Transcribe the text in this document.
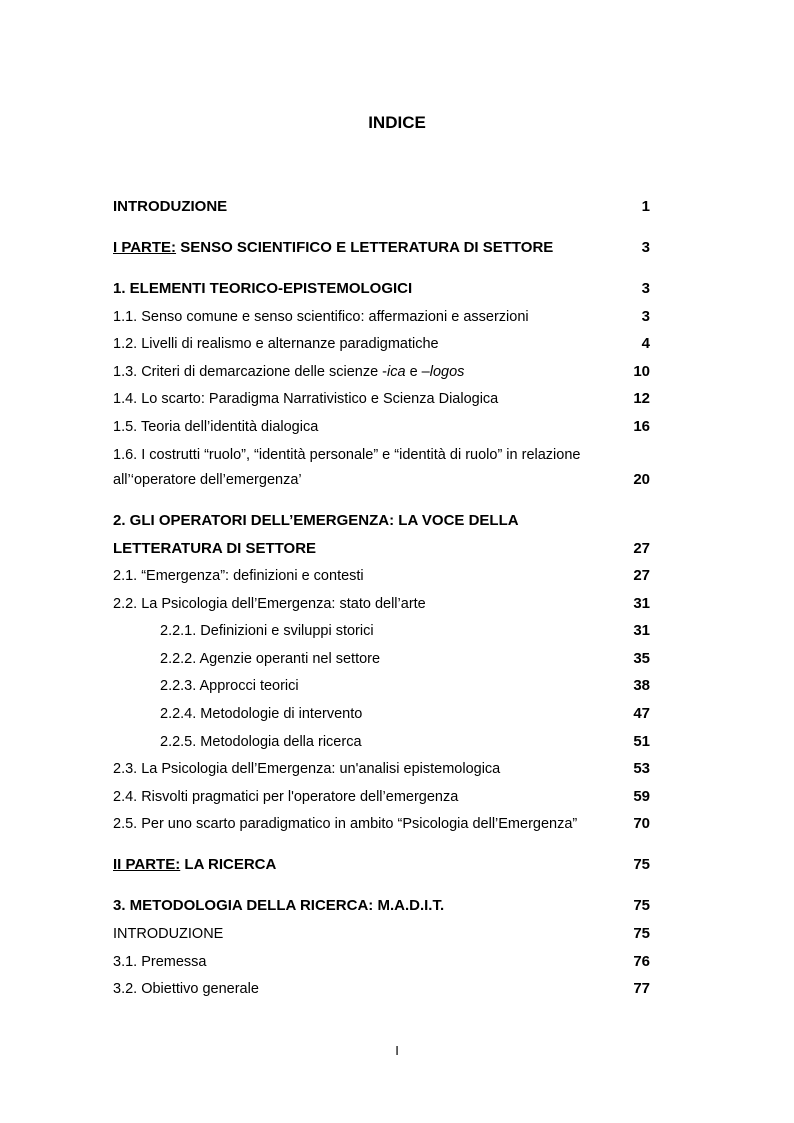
INDICE
INTRODUZIONE	1
I PARTE: SENSO SCIENTIFICO E LETTERATURA DI SETTORE	3
1. ELEMENTI TEORICO-EPISTEMOLOGICI	3
1.1. Senso comune e senso scientifico: affermazioni e asserzioni	3
1.2. Livelli di realismo e alternanze paradigmatiche	4
1.3. Criteri di demarcazione delle scienze -ica e –logos	10
1.4. Lo scarto: Paradigma Narrativistico e Scienza Dialogica	12
1.5. Teoria dell’identità dialogica	16
1.6. I costrutti “ruolo”, “identità personale” e “identità di ruolo” in relazione
all’‘operatore dell’emergenza’	20
2. GLI OPERATORI DELL’EMERGENZA: LA VOCE DELLA
LETTERATURA DI SETTORE	27
2.1. “Emergenza”: definizioni e contesti	27
2.2. La Psicologia dell’Emergenza: stato dell’arte	31
2.2.1. Definizioni e sviluppi storici	31
2.2.2. Agenzie operanti nel settore	35
2.2.3. Approcci teorici	38
2.2.4. Metodologie di intervento	47
2.2.5. Metodologia della ricerca	51
2.3. La Psicologia dell’Emergenza: un'analisi epistemologica	53
2.4. Risvolti pragmatici per l'operatore dell’emergenza	59
2.5. Per uno scarto paradigmatico in ambito “Psicologia dell’Emergenza”	70
II PARTE: LA RICERCA	75
3. METODOLOGIA DELLA RICERCA: M.A.D.I.T.	75
INTRODUZIONE	75
3.1. Premessa	76
3.2. Obiettivo generale	77
I
